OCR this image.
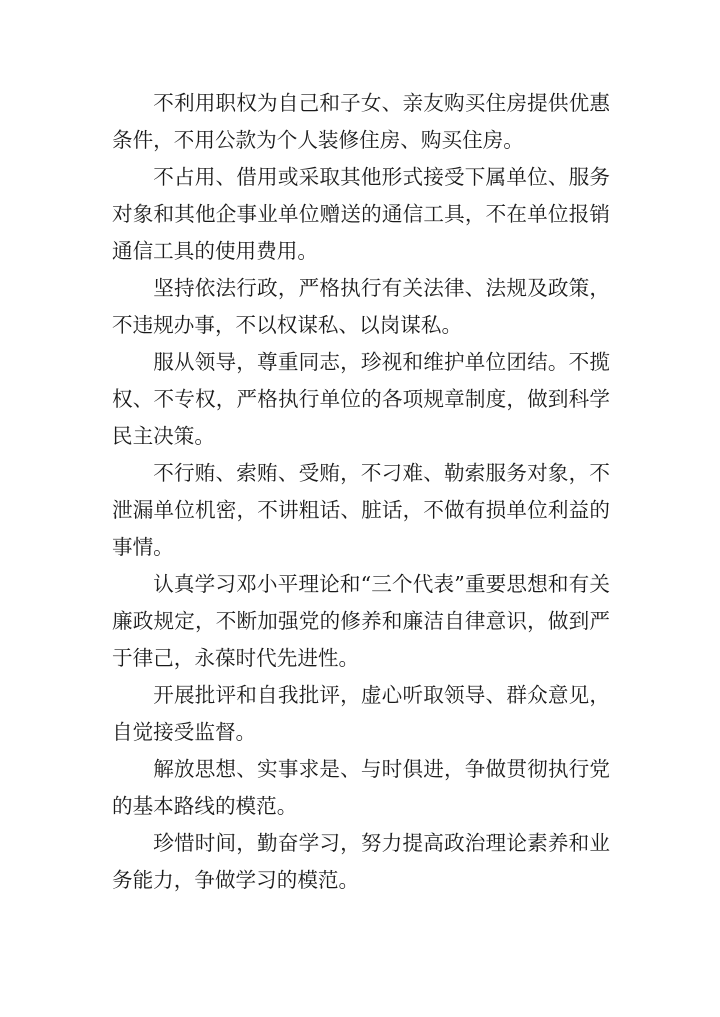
不利用职权为自己和子女、亲友购买住房提供优惠条件，不用公款为个人装修住房、购买住房。

不占用、借用或采取其他形式接受下属单位、服务对象和其他企事业单位赠送的通信工具，不在单位报销通信工具的使用费用。

坚持依法行政，严格执行有关法律、法规及政策，不违规办事，不以权谋私、以岗谋私。

服从领导，尊重同志，珍视和维护单位团结。不揽权、不专权，严格执行单位的各项规章制度，做到科学民主决策。

不行贿、索贿、受贿，不刁难、勒索服务对象，不泄漏单位机密，不讲粗话、脏话，不做有损单位利益的事情。

认真学习邓小平理论和“三个代表”重要思想和有关廉政规定，不断加强党的修养和廉洁自律意识，做到严于律己，永葆时代先进性。

开展批评和自我批评，虚心听取领导、群众意见，自觉接受监督。

解放思想、实事求是、与时俱进，争做贯彻执行党的基本路线的模范。

珍惜时间，勤奋学习，努力提高政治理论素养和业务能力，争做学习的模范。
